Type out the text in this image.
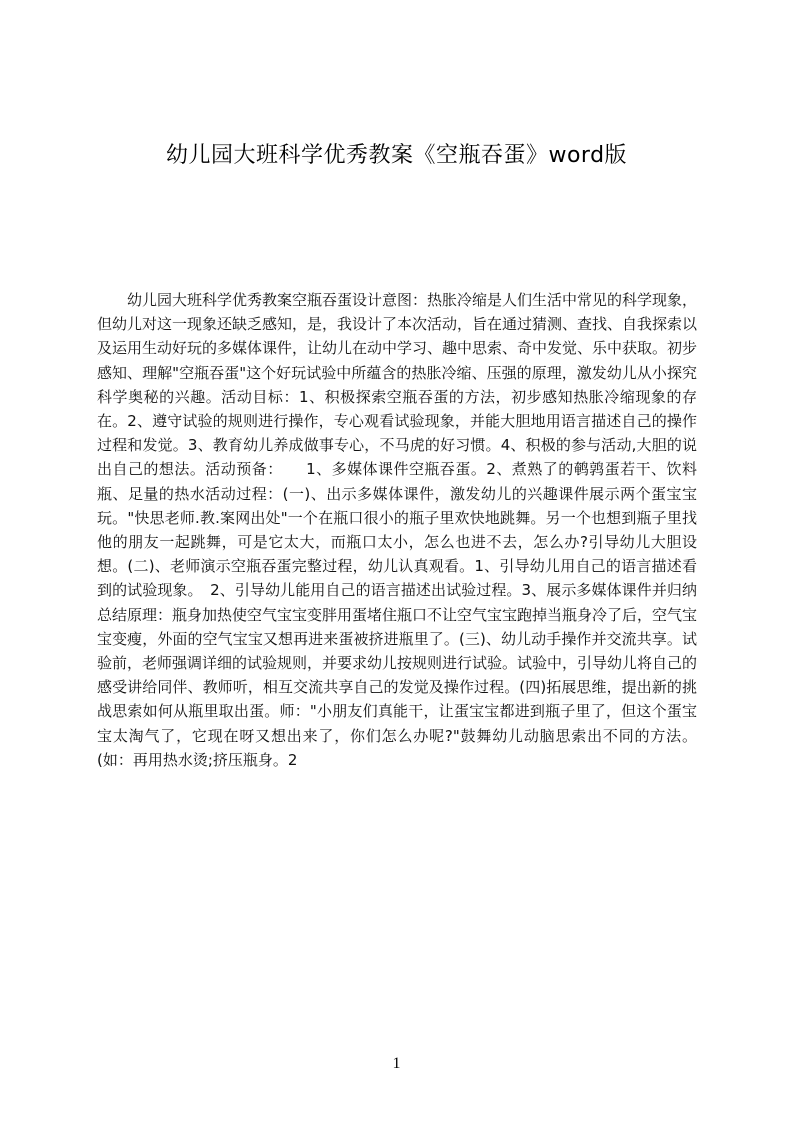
幼儿园大班科学优秀教案《空瓶吞蛋》word版

幼儿园大班科学优秀教案空瓶吞蛋设计意图：热胀冷缩是人们生活中常见的科学现象，但幼儿对这一现象还缺乏感知，是，我设计了本次活动，旨在通过猜测、查找、自我探索以及运用生动好玩的多媒体课件，让幼儿在动中学习、趣中思索、奇中发觉、乐中获取。初步感知、理解"空瓶吞蛋"这个好玩试验中所蕴含的热胀冷缩、压强的原理，激发幼儿从小探究科学奥秘的兴趣。活动目标：1、积极探索空瓶吞蛋的方法，初步感知热胀冷缩现象的存在。2、遵守试验的规则进行操作，专心观看试验现象，并能大胆地用语言描述自己的操作过程和发觉。3、教育幼儿养成做事专心，不马虎的好习惯。4、积极的参与活动,大胆的说出自己的想法。活动预备：　　1、多媒体课件空瓶吞蛋。2、煮熟了的鹌鹑蛋若干、饮料瓶、足量的热水活动过程：(一)、出示多媒体课件，激发幼儿的兴趣课件展示两个蛋宝宝玩。"快思老师.教.案网出处"一个在瓶口很小的瓶子里欢快地跳舞。另一个也想到瓶子里找他的朋友一起跳舞，可是它太大，而瓶口太小，怎么也进不去，怎么办?引导幼儿大胆设想。(二)、老师演示空瓶吞蛋完整过程，幼儿认真观看。1、引导幼儿用自己的语言描述看到的试验现象。　2、引导幼儿能用自己的语言描述出试验过程。3、展示多媒体课件并归纳总结原理：瓶身加热使空气宝宝变胖用蛋堵住瓶口不让空气宝宝跑掉当瓶身冷了后，空气宝宝变瘦，外面的空气宝宝又想再进来蛋被挤进瓶里了。(三)、幼儿动手操作并交流共享。试验前，老师强调详细的试验规则，并要求幼儿按规则进行试验。试验中，引导幼儿将自己的感受讲给同伴、教师听，相互交流共享自己的发觉及操作过程。(四)拓展思维，提出新的挑战思索如何从瓶里取出蛋。师："小朋友们真能干，让蛋宝宝都进到瓶子里了，但这个蛋宝宝太淘气了，它现在呀又想出来了，你们怎么办呢?"鼓舞幼儿动脑思索出不同的方法。(如：再用热水烫;挤压瓶身。2

1
